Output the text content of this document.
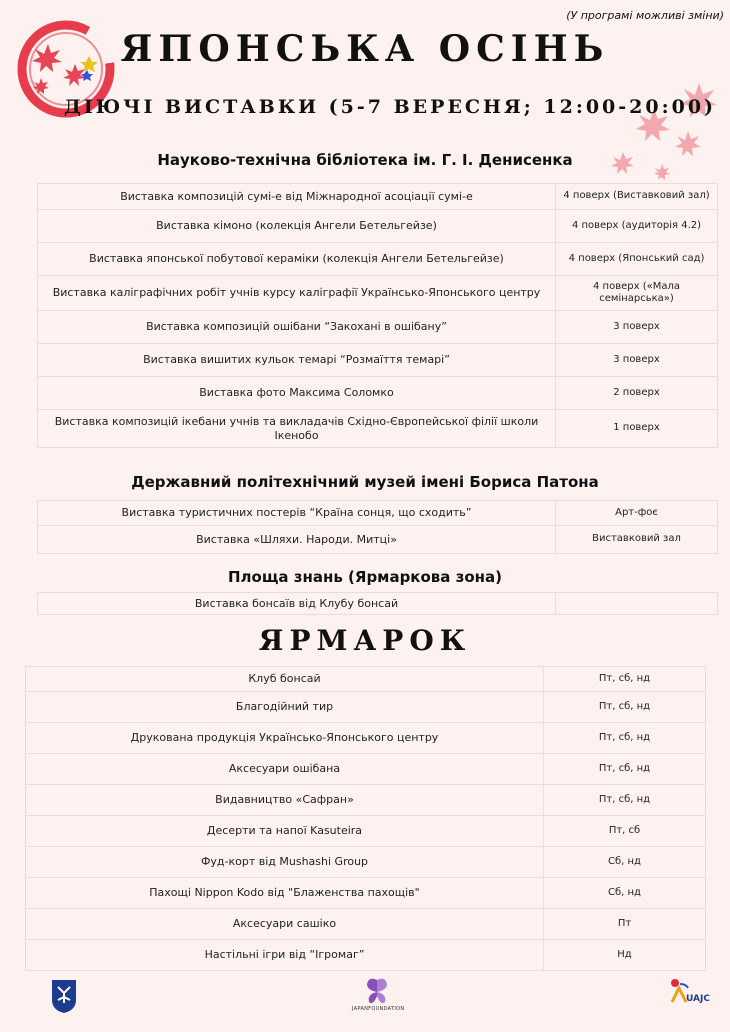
(У програмі можливі зміни)
ЯПОНСЬКА ОСІНЬ
ДІЮЧІ ВИСТАВКИ (5-7 ВЕРЕСНЯ; 12:00-20:00)
Науково-технічна бібліотека ім. Г. І. Денисенка
Виставка композицій сумі-е від Міжнародної асоціації сумі-е	4 поверх (Виставковий зал)
Виставка кімоно (колекція Ангели Бетельгейзе)	4 поверх (аудиторія 4.2)
Виставка японської побутової кераміки (колекція Ангели Бетельгейзе)	4 поверх (Японський сад)
Виставка каліграфічних робіт учнів курсу каліграфії Українсько-Японського центру	4 поверх («Мала семінарська»)
Виставка композицій ошібани “Закохані в ошібану”	3 поверх
Виставка вишитих кульок темарі “Розмаїття темарі”	3 поверх
Виставка фото Максима Соломко	2 поверх
Виставка композицій ікебани учнів та викладачів Східно-Європейської філії школи Ікенобо	1 поверх
Державний політехнічний музей імені Бориса Патона
Виставка туристичних постерів “Країна сонця, що сходить”	Арт-фоє
Виставка «Шляхи. Народи. Митці»	Виставковий зал
Площа знань (Ярмаркова зона)
Виставка бонсаїв від Клубу бонсай	
ЯРМАРОК
Клуб бонсай	Пт, сб, нд
Благодійний тир	Пт, сб, нд
Друкована продукція Українсько-Японського центру	Пт, сб, нд
Аксесуари ошібана	Пт, сб, нд
Видавництво «Сафран»	Пт, сб, нд
Десерти та напої Kasuteira	Пт, сб
Фуд-корт від Mushashi Group	Сб, нд
Пахощі Nippon Kodo від "Блаженства пахощів"	Сб, нд
Аксесуари сашіко	Пт
Настільні ігри від “Ігромаг”	Нд
JAPANFOUNDATION
UAJC
